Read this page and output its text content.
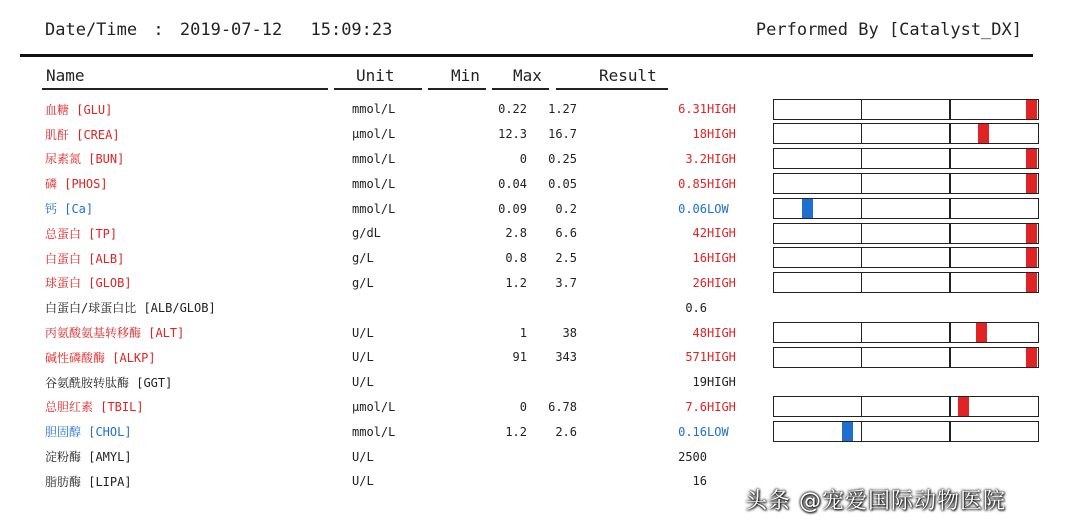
Date/Time : 2019-07-12 15:09:23	Performed By [Catalyst_DX]
Name	Unit	Min Max	Result
血糖 [GLU]	mmol/L	0.22	1.27	6.31	HIGH
肌酐 [CREA]	μmol/L	12.3	16.7	18	HIGH
尿素氮 [BUN]	mmol/L	0	0.25	3.2	HIGH
磷 [PHOS]	mmol/L	0.04	0.05	0.85	HIGH
钙 [Ca]	mmol/L	0.09	0.2	0.06	LOW
总蛋白 [TP]	g/dL	2.8	6.6	42	HIGH
白蛋白 [ALB]	g/L	0.8	2.5	16	HIGH
球蛋白 [GLOB]	g/L	1.2	3.7	26	HIGH
白蛋白/球蛋白比 [ALB/GLOB]				0.6	
丙氨酸氨基转移酶 [ALT]	U/L	1	38	48	HIGH
碱性磷酸酶 [ALKP]	U/L	91	343	571	HIGH
谷氨酰胺转肽酶 [GGT]	U/L			19	HIGH
总胆红素 [TBIL]	μmol/L	0	6.78	7.6	HIGH
胆固醇 [CHOL]	mmol/L	1.2	2.6	0.16	LOW
淀粉酶 [AMYL]	U/L			2500	
脂肪酶 [LIPA]	U/L			16	
头条 @宠爱国际动物医院
